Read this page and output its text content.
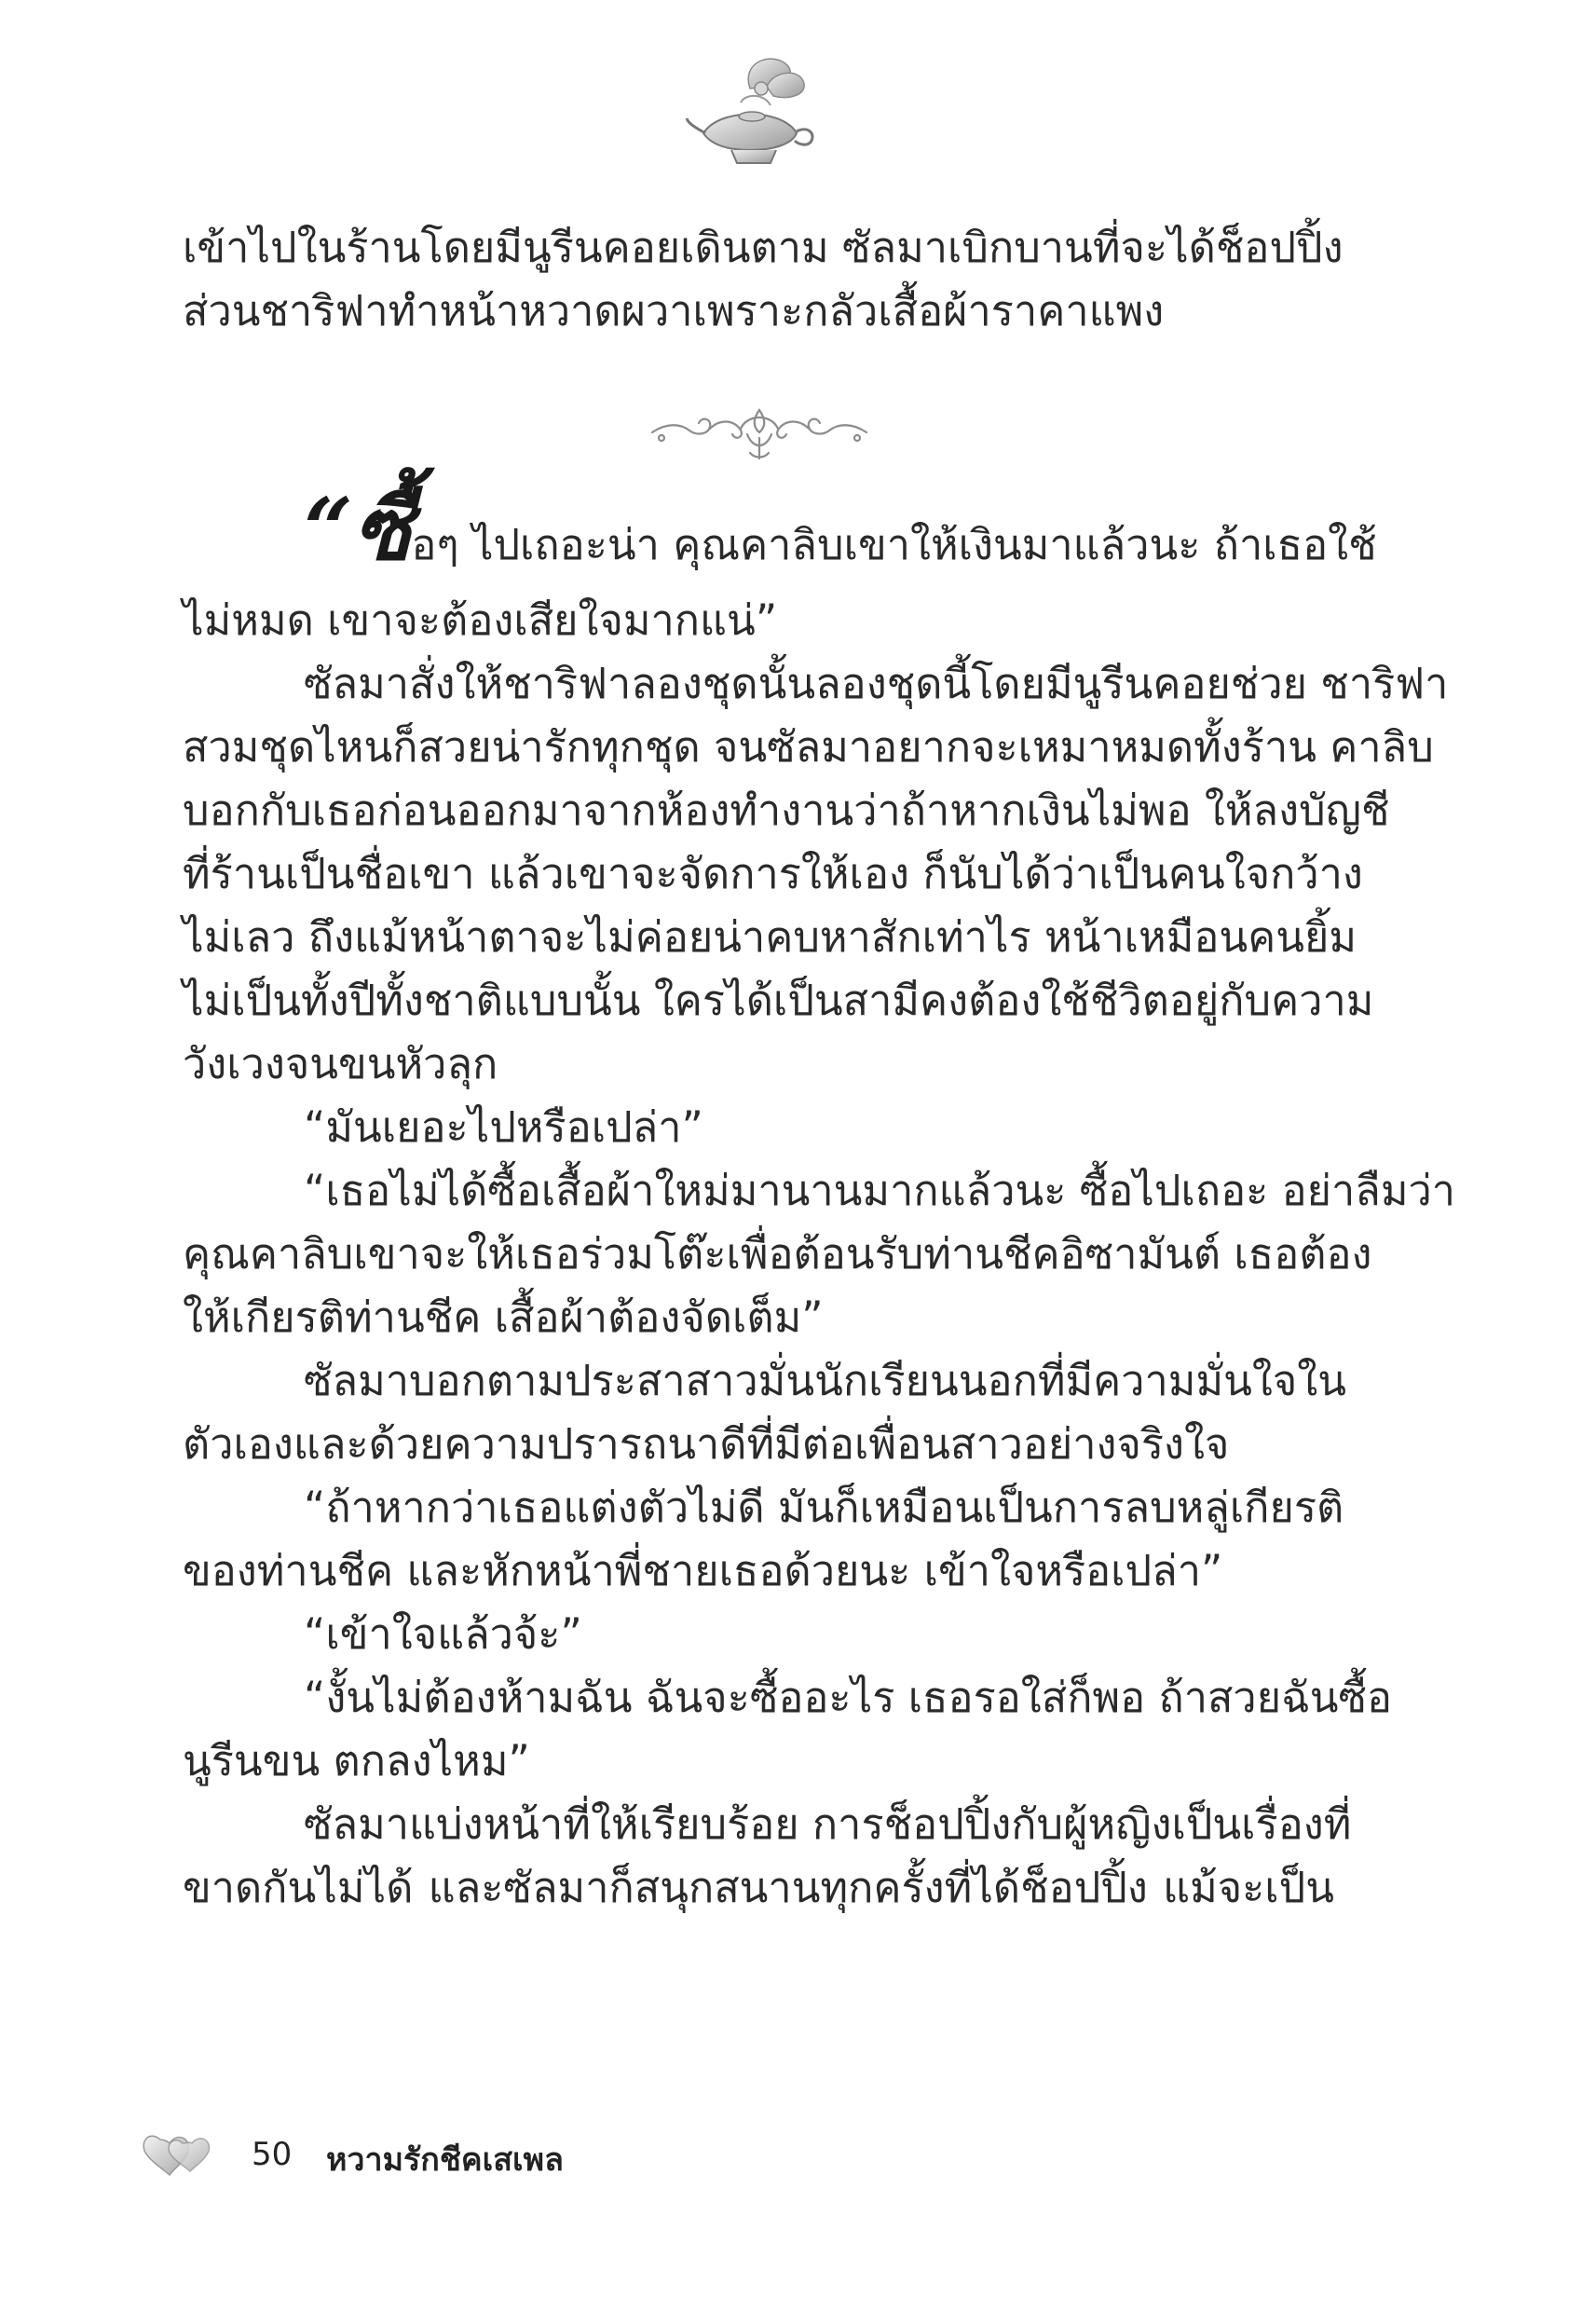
เข้าไปในร้านโดยมีนูรีนคอยเดินตาม ซัลมาเบิกบานที่จะได้ช็อปปิ้ง
ส่วนชาริฟาทำหน้าหวาดผวาเพราะกลัวเสื้อผ้าราคาแพง
“ซื้อๆ ไปเถอะน่า คุณคาลิบเขาให้เงินมาแล้วนะ ถ้าเธอใช้
ไม่หมด เขาจะต้องเสียใจมากแน่”
ซัลมาสั่งให้ชาริฟาลองชุดนั้นลองชุดนี้โดยมีนูรีนคอยช่วย ชาริฟา
สวมชุดไหนก็สวยน่ารักทุกชุด จนซัลมาอยากจะเหมาหมดทั้งร้าน คาลิบ
บอกกับเธอก่อนออกมาจากห้องทำงานว่าถ้าหากเงินไม่พอ ให้ลงบัญชี
ที่ร้านเป็นชื่อเขา แล้วเขาจะจัดการให้เอง ก็นับได้ว่าเป็นคนใจกว้าง
ไม่เลว ถึงแม้หน้าตาจะไม่ค่อยน่าคบหาสักเท่าไร หน้าเหมือนคนยิ้ม
ไม่เป็นทั้งปีทั้งชาติแบบนั้น ใครได้เป็นสามีคงต้องใช้ชีวิตอยู่กับความ
วังเวงจนขนหัวลุก
“มันเยอะไปหรือเปล่า”
“เธอไม่ได้ซื้อเสื้อผ้าใหม่มานานมากแล้วนะ ซื้อไปเถอะ อย่าลืมว่า
คุณคาลิบเขาจะให้เธอร่วมโต๊ะเพื่อต้อนรับท่านชีคอิซามันต์ เธอต้อง
ให้เกียรติท่านชีค เสื้อผ้าต้องจัดเต็ม”
ซัลมาบอกตามประสาสาวมั่นนักเรียนนอกที่มีความมั่นใจใน
ตัวเองและด้วยความปรารถนาดีที่มีต่อเพื่อนสาวอย่างจริงใจ
“ถ้าหากว่าเธอแต่งตัวไม่ดี มันก็เหมือนเป็นการลบหลู่เกียรติ
ของท่านชีค และหักหน้าพี่ชายเธอด้วยนะ เข้าใจหรือเปล่า”
“เข้าใจแล้วจ้ะ”
“งั้นไม่ต้องห้ามฉัน ฉันจะซื้ออะไร เธอรอใส่ก็พอ ถ้าสวยฉันซื้อ
นูรีนขน ตกลงไหม”
ซัลมาแบ่งหน้าที่ให้เรียบร้อย การช็อปปิ้งกับผู้หญิงเป็นเรื่องที่
ขาดกันไม่ได้ และซัลมาก็สนุกสนานทุกครั้งที่ได้ช็อปปิ้ง แม้จะเป็น
50 หวามรักชีคเสเพล
